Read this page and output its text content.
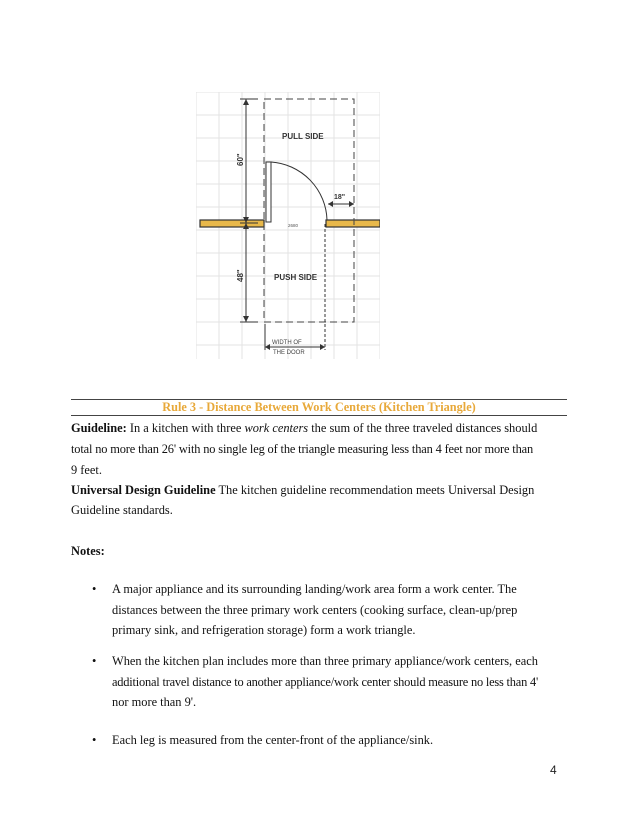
PULL SIDE
PUSH SIDE
2680
18"
60"
48"
WIDTH OF
THE DOOR
Rule 3 - Distance Between Work Centers (Kitchen Triangle)
Guideline: In a kitchen with three work centers the sum of the three traveled distances should
total no more than 26' with no single leg of the triangle measuring less than 4 feet nor more than
9 feet.
Universal Design Guideline The kitchen guideline recommendation meets Universal Design
Guideline standards.
Notes:
• A major appliance and its surrounding landing/work area form a work center. The
distances between the three primary work centers (cooking surface, clean-up/prep
primary sink, and refrigeration storage) form a work triangle.
• When the kitchen plan includes more than three primary appliance/work centers, each
additional travel distance to another appliance/work center should measure no less than 4'
nor more than 9'.
• Each leg is measured from the center-front of the appliance/sink.
4
